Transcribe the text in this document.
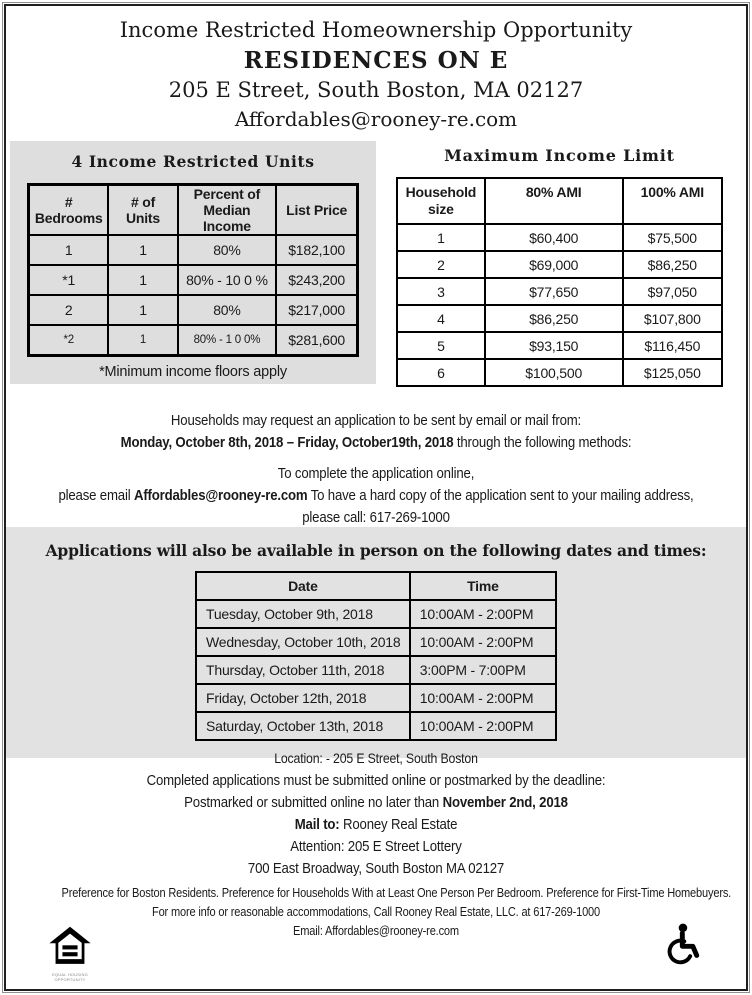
Income Restricted Homeownership Opportunity
RESIDENCES ON E
205 E Street, South Boston, MA 02127
Affordables@rooney-re.com
4 Income Restricted Units
# Bedrooms	# of Units	Percent of Median Income	List Price
1	1	80%	$182,100
*1	1	80% - 10 0 %	$243,200
2	1	80%	$217,000
*2	1	80% - 1 0 0%	$281,600
*Minimum income floors apply
Maximum Income Limit
Household size	80% AMI	100% AMI
1	$60,400	$75,500
2	$69,000	$86,250
3	$77,650	$97,050
4	$86,250	$107,800
5	$93,150	$116,450
6	$100,500	$125,050
Households may request an application to be sent by email or mail from:
Monday, October 8th, 2018 – Friday, October19th, 2018 through the following methods:
To complete the application online,
please email Affordables@rooney-re.com To have a hard copy of the application sent to your mailing address,
please call: 617-269-1000
Applications will also be available in person on the following dates and times:
Date	Time
Tuesday, October 9th, 2018	10:00AM - 2:00PM
Wednesday, October 10th, 2018	10:00AM - 2:00PM
Thursday, October 11th, 2018	3:00PM - 7:00PM
Friday, October 12th, 2018	10:00AM - 2:00PM
Saturday, October 13th, 2018	10:00AM - 2:00PM
Location: - 205 E Street, South Boston
Completed applications must be submitted online or postmarked by the deadline:
Postmarked or submitted online no later than November 2nd, 2018
Mail to: Rooney Real Estate
Attention: 205 E Street Lottery
700 East Broadway, South Boston MA 02127
Preference for Boston Residents. Preference for Households With at Least One Person Per Bedroom. Preference for First-Time Homebuyers.
For more info or reasonable accommodations, Call Rooney Real Estate, LLC. at 617-269-1000
Email: Affordables@rooney-re.com
EQUAL HOUSING OPPORTUNITY
